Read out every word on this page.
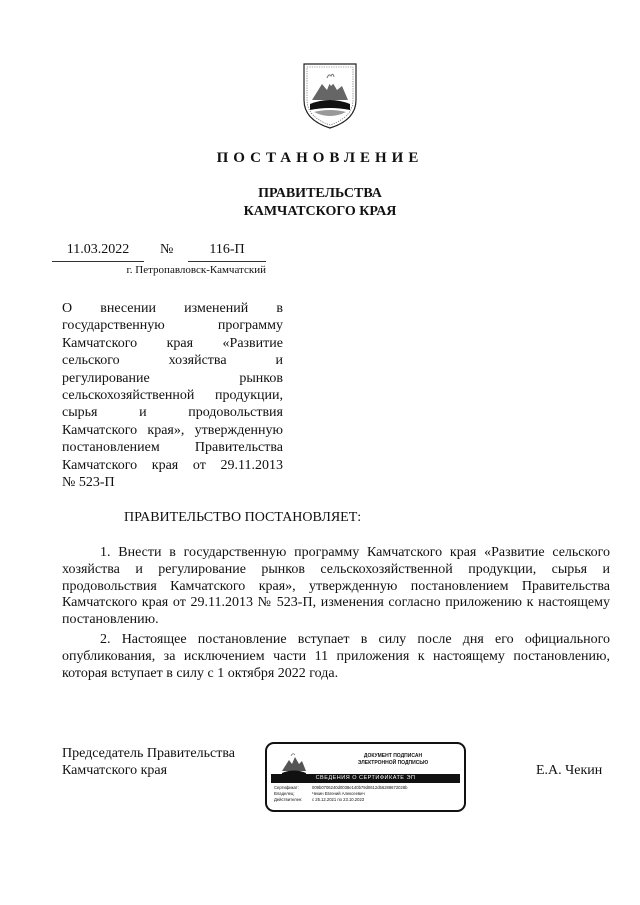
ПОСТАНОВЛЕНИЕ
ПРАВИТЕЛЬСТВА
КАМЧАТСКОГО КРАЯ
11.03.2022	№	116-П
г. Петропавловск-Камчатский
О внесении изменений в
государственную программу
Камчатского края «Развитие
сельского хозяйства и
регулирование рынков
сельскохозяйственной продукции,
сырья и продовольствия
Камчатского края», утвержденную
постановлением Правительства
Камчатского края от 29.11.2013
№ 523-П
ПРАВИТЕЛЬСТВО ПОСТАНОВЛЯЕТ:

1. Внести в государственную программу Камчатского края «Развитие сельского хозяйства и регулирование рынков сельскохозяйственной продукции, сырья и продовольствия Камчатского края», утвержденную постановлением Правительства Камчатского края от 29.11.2013 № 523-П, изменения согласно приложению к настоящему постановлению.

2. Настоящее постановление вступает в силу после дня его официального опубликования, за исключением части 11 приложения к настоящему постановлению, которая вступает в силу с 1 октября 2022 года.

Председатель Правительства
Камчатского края
ДОКУМЕНТ ПОДПИСАН
ЭЛЕКТРОННОЙ ПОДПИСЬЮ
СВЕДЕНИЯ О СЕРТИФИКАТЕ ЭП
Сертификат:	009b0706240d0038e140b79d0612d56288672028b
Владелец:	Чекин Евгений Алексеевич
Действителен: с 25.12.2021 по 23.10.2023
Е.А. Чекин
